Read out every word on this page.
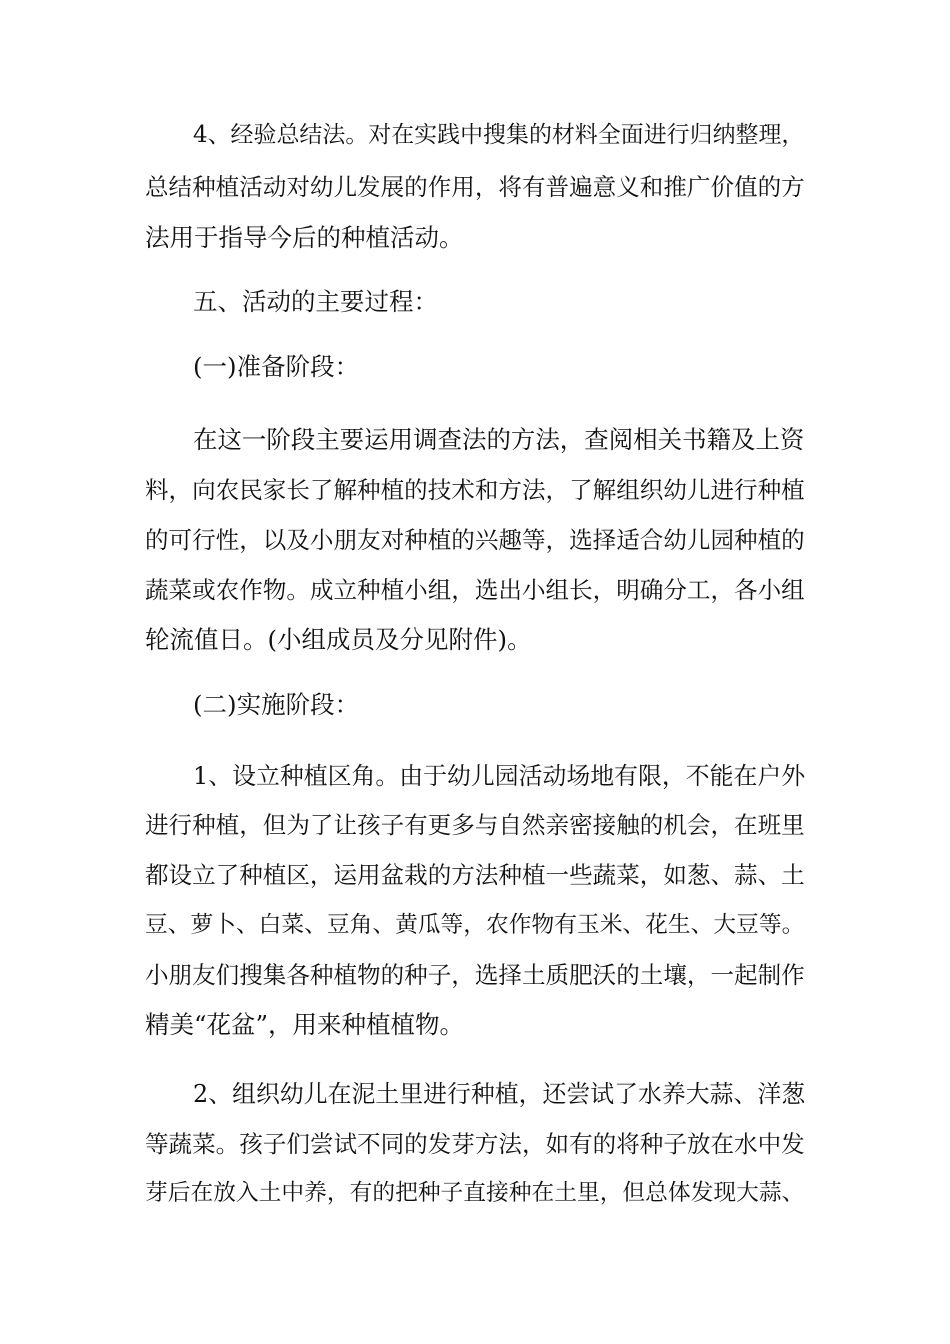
4、经验总结法。对在实践中搜集的材料全面进行归纳整理，
总结种植活动对幼儿发展的作用，将有普遍意义和推广价值的方
法用于指导今后的种植活动。
五、活动的主要过程：
(一)准备阶段：
在这一阶段主要运用调查法的方法，查阅相关书籍及上资
料，向农民家长了解种植的技术和方法，了解组织幼儿进行种植
的可行性，以及小朋友对种植的兴趣等，选择适合幼儿园种植的
蔬菜或农作物。成立种植小组，选出小组长，明确分工，各小组
轮流值日。(小组成员及分见附件)。
(二)实施阶段：
1、设立种植区角。由于幼儿园活动场地有限，不能在户外
进行种植，但为了让孩子有更多与自然亲密接触的机会，在班里
都设立了种植区，运用盆栽的方法种植一些蔬菜，如葱、蒜、土
豆、萝卜、白菜、豆角、黄瓜等，农作物有玉米、花生、大豆等。
小朋友们搜集各种植物的种子，选择土质肥沃的土壤，一起制作
精美“花盆”，用来种植植物。
2、组织幼儿在泥土里进行种植，还尝试了水养大蒜、洋葱
等蔬菜。孩子们尝试不同的发芽方法，如有的将种子放在水中发
芽后在放入土中养，有的把种子直接种在土里，但总体发现大蒜、
